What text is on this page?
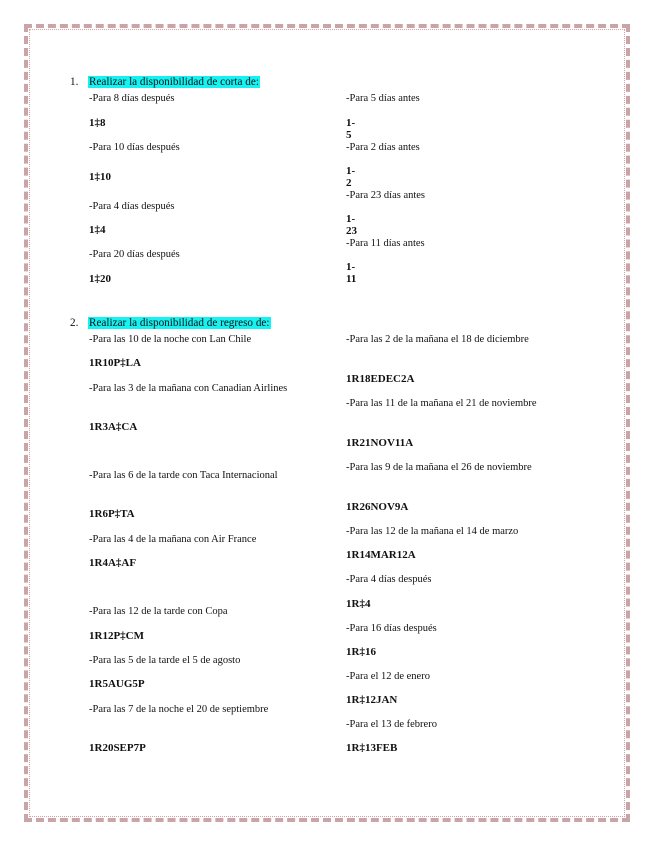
1. Realizar la disponibilidad de corta de:
-Para 8 días después
1‡8
-Para 10 días después
1‡10
-Para 4 días después
1‡4
-Para 20 días después
1‡20
-Para 5 días antes
1-5
-Para 2 días antes
1-2
-Para 23 días antes
1-23
-Para 11 días antes
1-11
2. Realizar la disponibilidad de regreso de:
-Para las 10 de la noche con Lan Chile
1R10P‡LA
-Para las 3 de la mañana con Canadian Airlines
1R3A‡CA
-Para las 6 de la tarde con Taca Internacional
1R6P‡TA
-Para las 4 de la mañana con Air France
1R4A‡AF
-Para las 12 de la tarde con Copa
1R12P‡CM
-Para las 5 de la tarde el 5 de agosto
1R5AUG5P
-Para las 7 de la noche el 20 de septiembre
1R20SEP7P
-Para las 2 de la mañana el 18 de diciembre
1R18EDEC2A
-Para las 11 de la mañana el 21 de noviembre
1R21NOV11A
-Para las 9 de la mañana el 26 de noviembre
1R26NOV9A
-Para las 12 de la mañana el 14 de marzo
1R14MAR12A
-Para 4 días después
1R‡4
-Para 16 días después
1R‡16
-Para el 12 de enero
1R‡12JAN
-Para el 13 de febrero
1R‡13FEB
